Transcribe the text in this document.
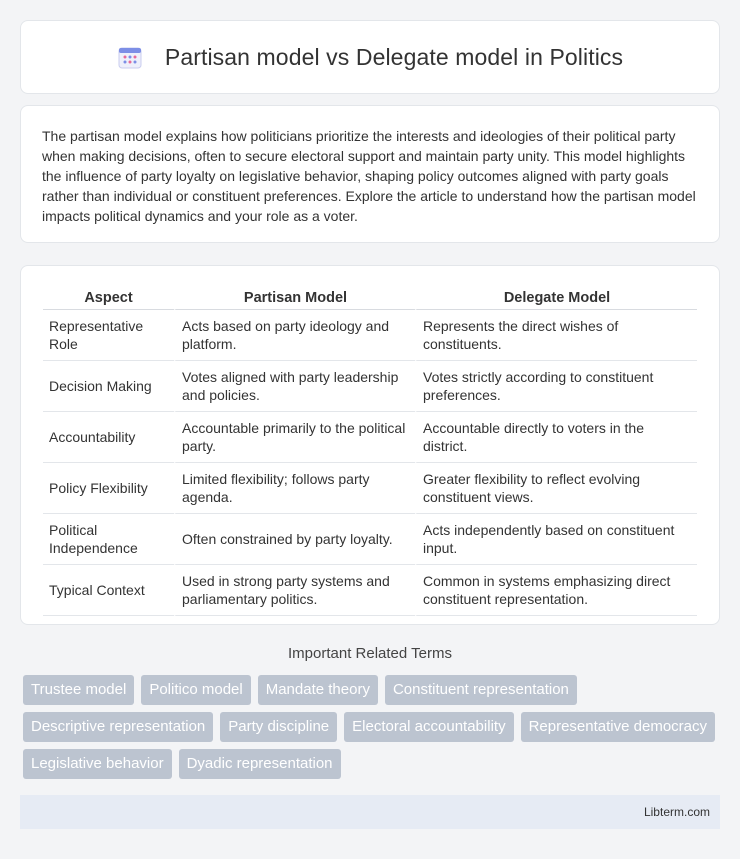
Partisan model vs Delegate model in Politics

The partisan model explains how politicians prioritize the interests and ideologies of their political party when making decisions, often to secure electoral support and maintain party unity. This model highlights the influence of party loyalty on legislative behavior, shaping policy outcomes aligned with party goals rather than individual or constituent preferences. Explore the article to understand how the partisan model impacts political dynamics and your role as a voter.

Aspect	Partisan Model	Delegate Model
Representative Role	Acts based on party ideology and platform.	Represents the direct wishes of constituents.
Decision Making	Votes aligned with party leadership and policies.	Votes strictly according to constituent preferences.
Accountability	Accountable primarily to the political party.	Accountable directly to voters in the district.
Policy Flexibility	Limited flexibility; follows party agenda.	Greater flexibility to reflect evolving constituent views.
Political Independence	Often constrained by party loyalty.	Acts independently based on constituent input.
Typical Context	Used in strong party systems and parliamentary politics.	Common in systems emphasizing direct constituent representation.
Important Related Terms
Trustee model	Politico model	Mandate theory	Constituent representation
Descriptive representation	Party discipline	Electoral accountability	Representative democracy
Legislative behavior	Dyadic representation
Libterm.com
